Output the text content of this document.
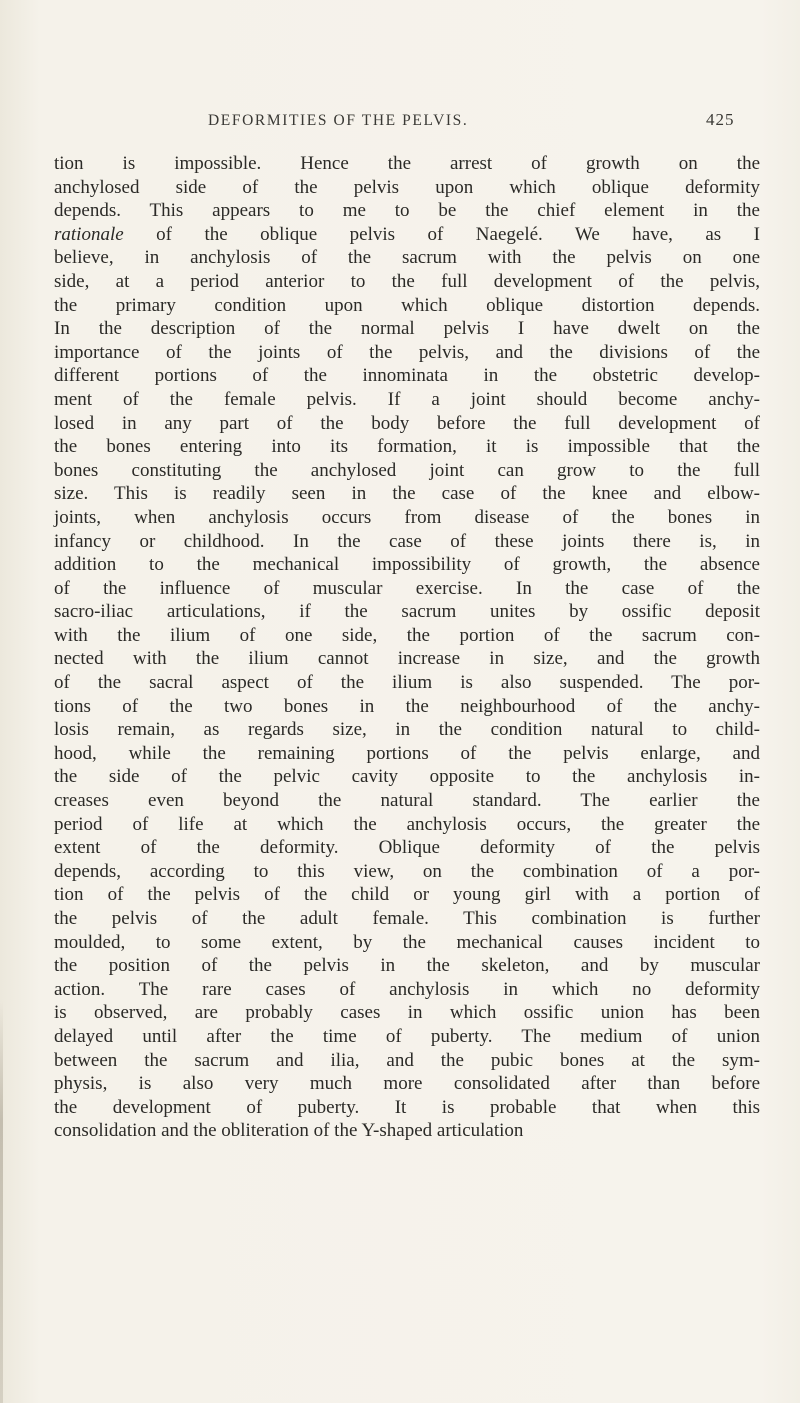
DEFORMITIES OF THE PELVIS.	425
tion is impossible. Hence the arrest of growth on the
anchylosed side of the pelvis upon which oblique deformity
depends. This appears to me to be the chief element in the
rationale of the oblique pelvis of Naegelé. We have, as I
believe, in anchylosis of the sacrum with the pelvis on one
side, at a period anterior to the full development of the pelvis,
the primary condition upon which oblique distortion depends.
In the description of the normal pelvis I have dwelt on the
importance of the joints of the pelvis, and the divisions of the
different portions of the innominata in the obstetric develop-
ment of the female pelvis. If a joint should become anchy-
losed in any part of the body before the full development of
the bones entering into its formation, it is impossible that the
bones constituting the anchylosed joint can grow to the full
size. This is readily seen in the case of the knee and elbow-
joints, when anchylosis occurs from disease of the bones in
infancy or childhood. In the case of these joints there is, in
addition to the mechanical impossibility of growth, the absence
of the influence of muscular exercise. In the case of the
sacro-iliac articulations, if the sacrum unites by ossific deposit
with the ilium of one side, the portion of the sacrum con-
nected with the ilium cannot increase in size, and the growth
of the sacral aspect of the ilium is also suspended. The por-
tions of the two bones in the neighbourhood of the anchy-
losis remain, as regards size, in the condition natural to child-
hood, while the remaining portions of the pelvis enlarge, and
the side of the pelvic cavity opposite to the anchylosis in-
creases even beyond the natural standard. The earlier the
period of life at which the anchylosis occurs, the greater the
extent of the deformity. Oblique deformity of the pelvis
depends, according to this view, on the combination of a por-
tion of the pelvis of the child or young girl with a portion of
the pelvis of the adult female. This combination is further
moulded, to some extent, by the mechanical causes incident to
the position of the pelvis in the skeleton, and by muscular
action. The rare cases of anchylosis in which no deformity
is observed, are probably cases in which ossific union has been
delayed until after the time of puberty. The medium of union
between the sacrum and ilia, and the pubic bones at the sym-
physis, is also very much more consolidated after than before
the development of puberty. It is probable that when this
consolidation and the obliteration of the Y-shaped articulation
